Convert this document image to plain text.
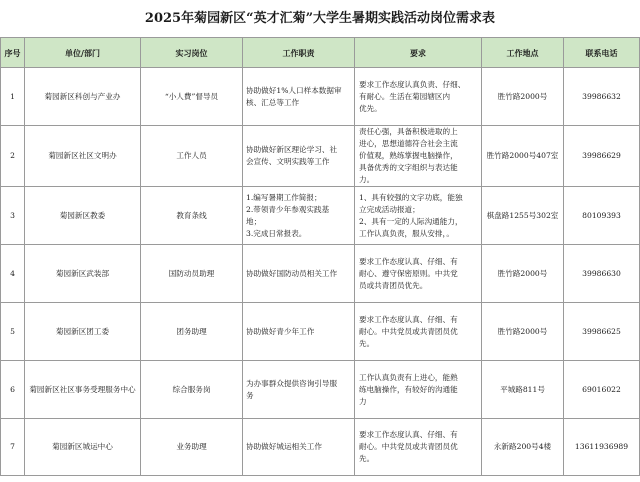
2025年菊园新区“英才汇菊”大学生暑期实践活动岗位需求表
序号	单位/部门	实习岗位	工作职责	要求	工作地点	联系电话
1	菊园新区科创与产业办	“小人費”督导员	协助做好1%人口样本数据审
核、汇总等工作	要求工作态度认真负责、仔细、
有耐心。生活在菊园辖区内
优先。	胜竹路2000号	39986632
2	菊园新区社区文明办	工作人员	协助做好新区理论学习、社
会宣传、文明实践等工作	责任心强，具备积极进取的上
进心，思想道德符合社会主流
价值观，熟练掌握电脑操作，
具备优秀的文字组织与表达能
力。	胜竹路2000号407室	39986629
3	菊园新区教委	教育条线	1.编写暑期工作简报；
2.带领青少年参观实践基
地；
3.完成日常报表。	1、具有较强的文字功底，能独
立完成活动报道；
2、具有一定的人际沟通能力，
工作认真负责，服从安排，。	棋盘路1255号302室	80109393
4	菊园新区武装部	国防动员助理	协助做好国防动员相关工作	要求工作态度认真、仔细、有
耐心、遵守保密原则。中共党
员或共青团员优先。	胜竹路2000号	39986630
5	菊园新区团工委	团务助理	协助做好青少年工作	要求工作态度认真、仔细、有
耐心。中共党员或共青团员优
先。	胜竹路2000号	39986625
6	菊园新区社区事务受理服务中心	综合服务岗	为办事群众提供咨询引导服
务	工作认真负责有上进心，能熟
练电脑操作，有较好的沟通能
力	平城路811号	69016022
7	菊园新区城运中心	业务助理	协助做好城运相关工作	要求工作态度认真、仔细、有
耐心。中共党员或共青团员优
先。	永新路200号4楼	13611936989
